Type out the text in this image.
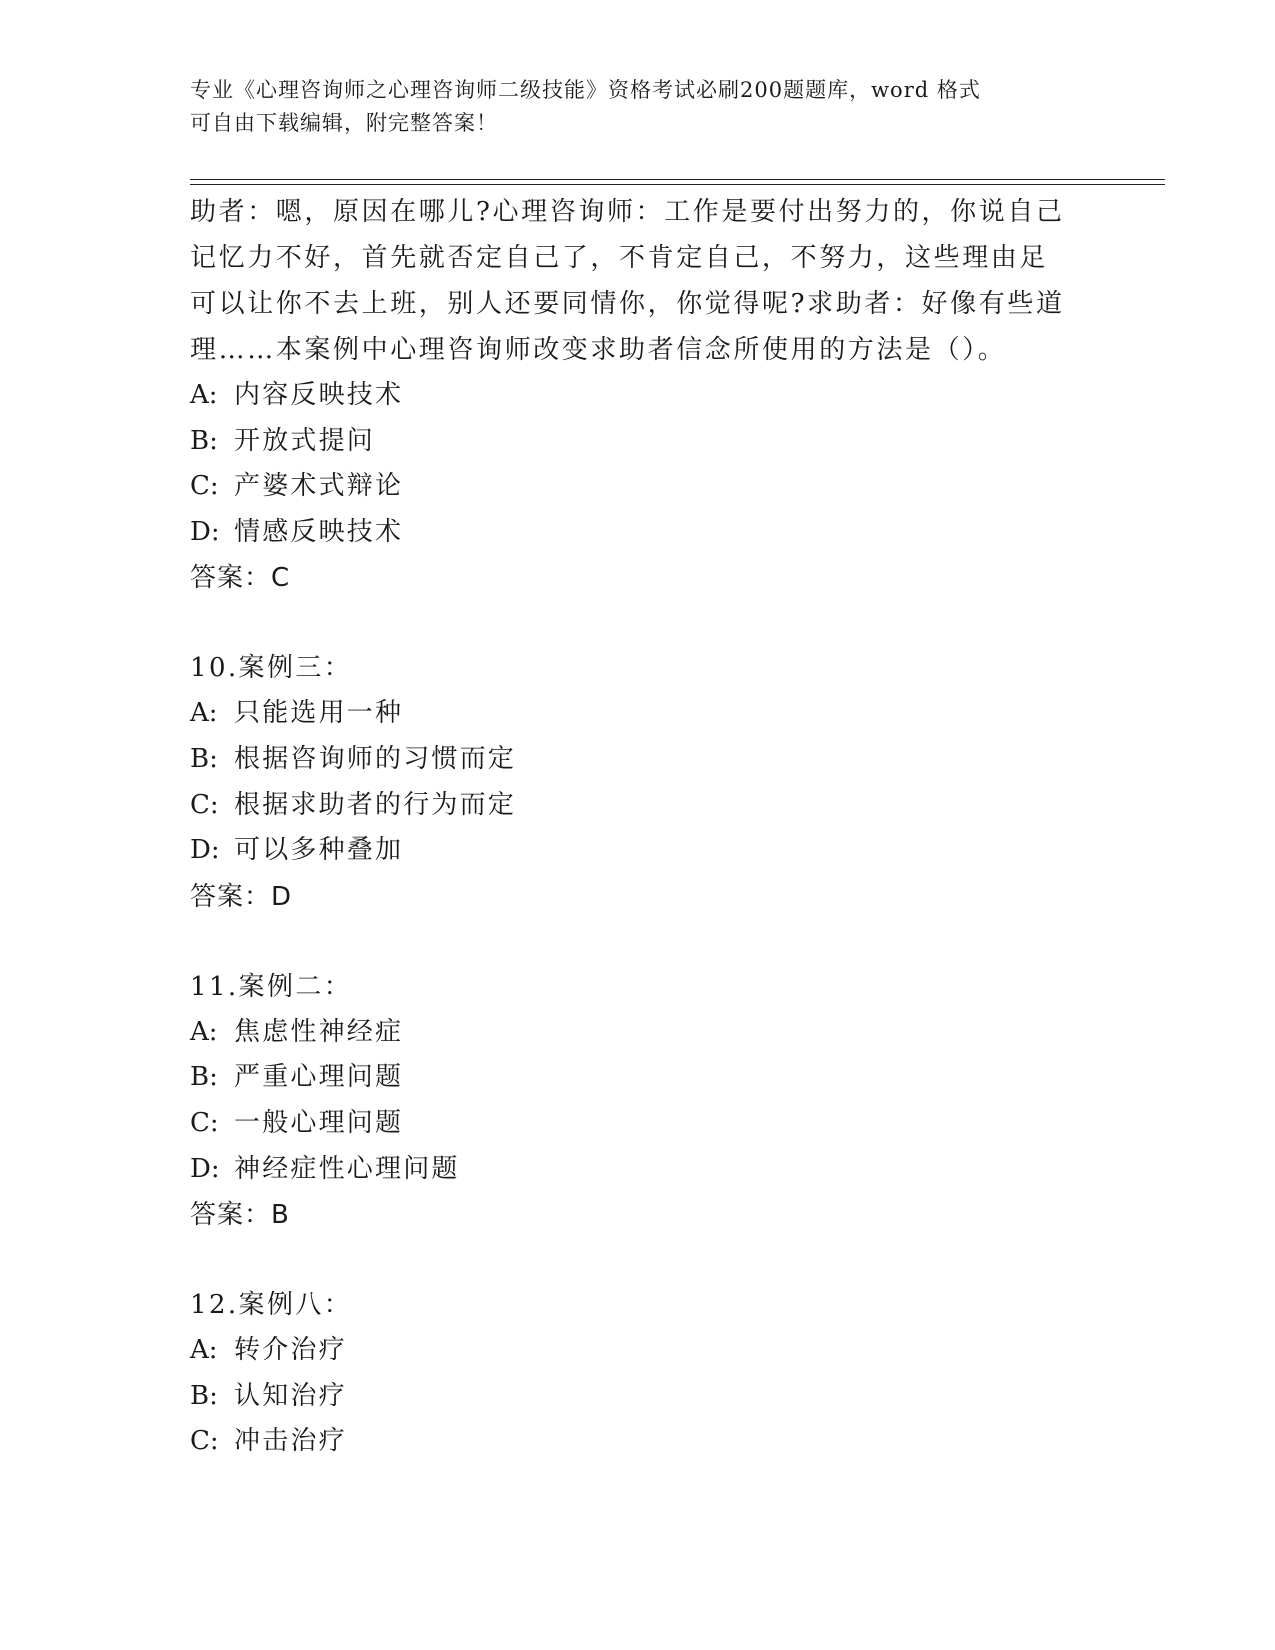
专业《心理咨询师之心理咨询师二级技能》资格考试必刷200题题库，word 格式
可自由下载编辑，附完整答案！
助者：嗯，原因在哪儿?心理咨询师：工作是要付出努力的，你说自己
记忆力不好，首先就否定自己了，不肯定自己，不努力，这些理由足
可以让你不去上班，别人还要同情你，你觉得呢?求助者：好像有些道
理……本案例中心理咨询师改变求助者信念所使用的方法是（）。
A: 内容反映技术
B: 开放式提问
C: 产婆术式辩论
D: 情感反映技术
答案：C
10.案例三：
A: 只能选用一种
B: 根据咨询师的习惯而定
C: 根据求助者的行为而定
D: 可以多种叠加
答案：D
11.案例二：
A: 焦虑性神经症
B: 严重心理问题
C: 一般心理问题
D: 神经症性心理问题
答案：B
12.案例八：
A: 转介治疗
B: 认知治疗
C: 冲击治疗
